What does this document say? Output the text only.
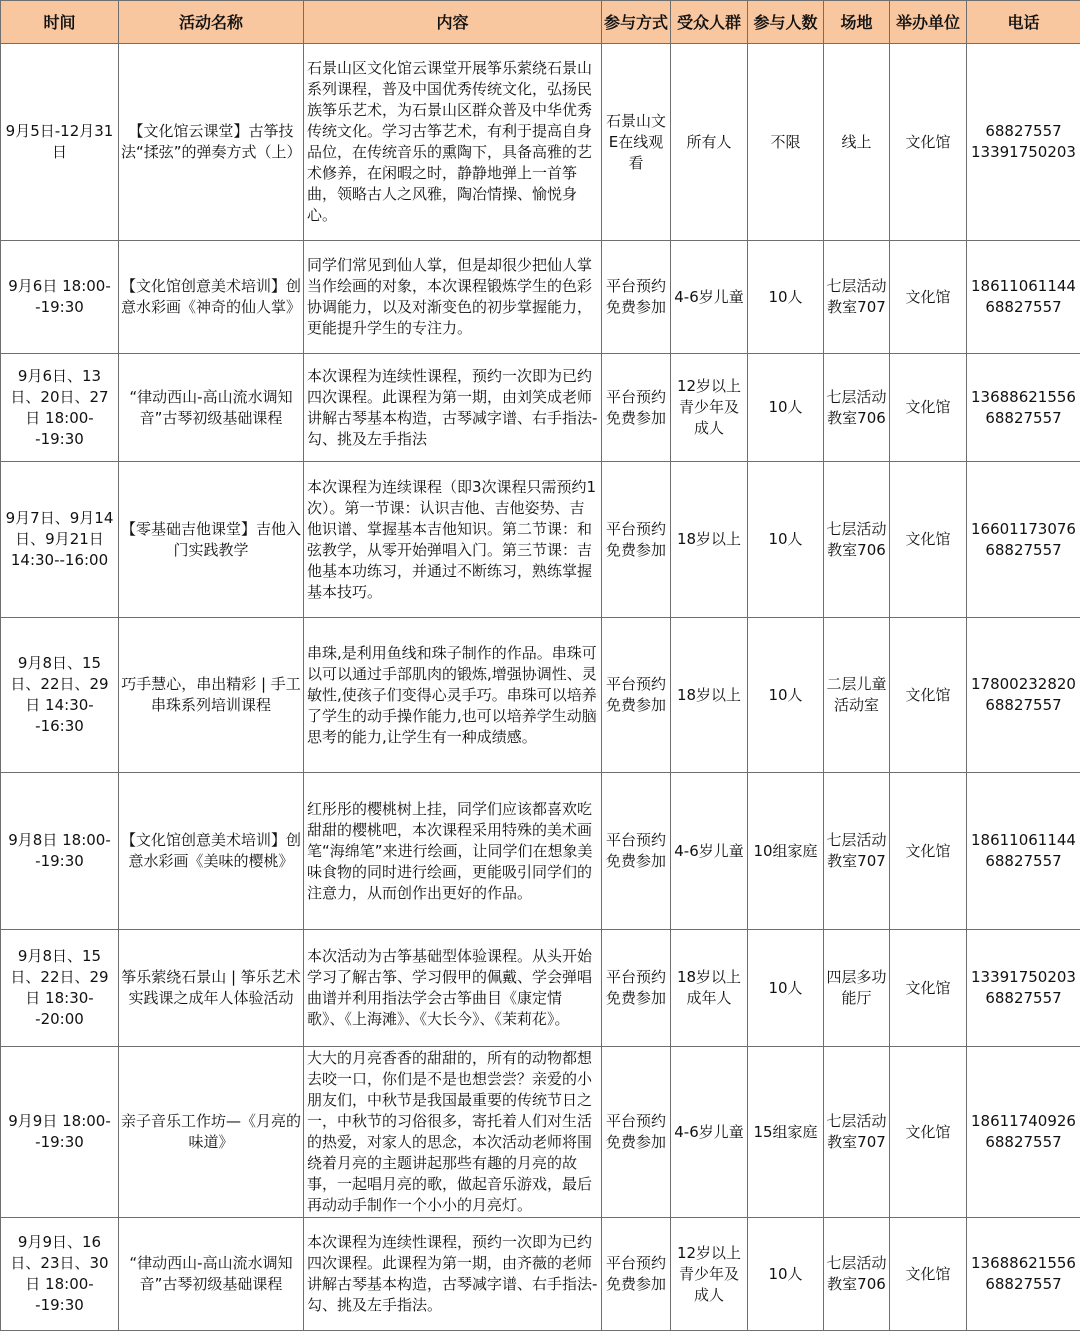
时间	活动名称	内容	参与方式	受众人群	参与人数	场地	举办单位	电话
9月5日-12月31日	【文化馆云课堂】古筝技法“揉弦”的弹奏方式（上）	石景山区文化馆云课堂开展筝乐萦绕石景山系列课程，普及中国优秀传统文化，弘扬民族筝乐艺术，为石景山区群众普及中华优秀传统文化。学习古筝艺术，有利于提高自身品位，在传统音乐的熏陶下，具备高雅的艺术修养，在闲暇之时，静静地弹上一首筝曲，领略古人之风雅，陶冶情操、愉悦身心。	石景山文E在线观看	所有人	不限	线上	文化馆	68827557 13391750203
9月6日 18:00--19:30	【文化馆创意美术培训】创意水彩画《神奇的仙人掌》	同学们常见到仙人掌，但是却很少把仙人掌当作绘画的对象，本次课程锻炼学生的色彩协调能力，以及对渐变色的初步掌握能力，更能提升学生的专注力。	平台预约免费参加	4-6岁儿童	10人	七层活动教室707	文化馆	18611061144 68827557
9月6日、13日、20日、27日 18:00--19:30	“律动西山-高山流水调知音”古琴初级基础课程	本次课程为连续性课程，预约一次即为已约四次课程。此课程为第一期，由刘笑成老师讲解古琴基本构造，古琴减字谱、右手指法-勾、挑及左手指法	平台预约免费参加	12岁以上青少年及成人	10人	七层活动教室706	文化馆	13688621556 68827557
9月7日、9月14日、9月21日 14:30--16:00	【零基础吉他课堂】吉他入门实践教学	本次课程为连续课程（即3次课程只需预约1次）。第一节课：认识吉他、吉他姿势、吉他识谱、掌握基本吉他知识。第二节课：和弦教学，从零开始弹唱入门。第三节课：吉他基本功练习，并通过不断练习，熟练掌握基本技巧。	平台预约免费参加	18岁以上	10人	七层活动教室706	文化馆	16601173076 68827557
9月8日、15日、22日、29日 14:30--16:30	巧手慧心，串出精彩 | 手工串珠系列培训课程	串珠,是利用鱼线和珠子制作的作品。串珠可以可以通过手部肌肉的锻炼,增强协调性、灵敏性,使孩子们变得心灵手巧。串珠可以培养了学生的动手操作能力,也可以培养学生动脑思考的能力,让学生有一种成绩感。	平台预约免费参加	18岁以上	10人	二层儿童活动室	文化馆	17800232820 68827557
9月8日 18:00--19:30	【文化馆创意美术培训】创意水彩画《美味的樱桃》	红彤彤的樱桃树上挂，同学们应该都喜欢吃甜甜的樱桃吧，本次课程采用特殊的美术画笔“海绵笔”来进行绘画，让同学们在想象美味食物的同时进行绘画，更能吸引同学们的注意力，从而创作出更好的作品。	平台预约免费参加	4-6岁儿童	10组家庭	七层活动教室707	文化馆	18611061144 68827557
9月8日、15日、22日、29日 18:30--20:00	筝乐萦绕石景山 | 筝乐艺术实践课之成年人体验活动	本次活动为古筝基础型体验课程。从头开始学习了解古筝、学习假甲的佩戴、学会弹唱曲谱并利用指法学会古筝曲目《康定情歌》、《上海滩》、《大长今》、《茉莉花》。	平台预约免费参加	18岁以上成年人	10人	四层多功能厅	文化馆	13391750203 68827557
9月9日 18:00--19:30	亲子音乐工作坊—《月亮的味道》	大大的月亮香香的甜甜的，所有的动物都想去咬一口，你们是不是也想尝尝？亲爱的小朋友们，中秋节是我国最重要的传统节日之一，中秋节的习俗很多，寄托着人们对生活的热爱，对家人的思念，本次活动老师将围绕着月亮的主题讲起那些有趣的月亮的故事，一起唱月亮的歌，做起音乐游戏，最后再动动手制作一个小小的月亮灯。	平台预约免费参加	4-6岁儿童	15组家庭	七层活动教室707	文化馆	18611740926 68827557
9月9日、16日、23日、30日 18:00--19:30	“律动西山-高山流水调知音”古琴初级基础课程	本次课程为连续性课程，预约一次即为已约四次课程。此课程为第一期，由齐薇的老师讲解古琴基本构造，古琴减字谱、右手指法-勾、挑及左手指法。	平台预约免费参加	12岁以上青少年及成人	10人	七层活动教室706	文化馆	13688621556 68827557
